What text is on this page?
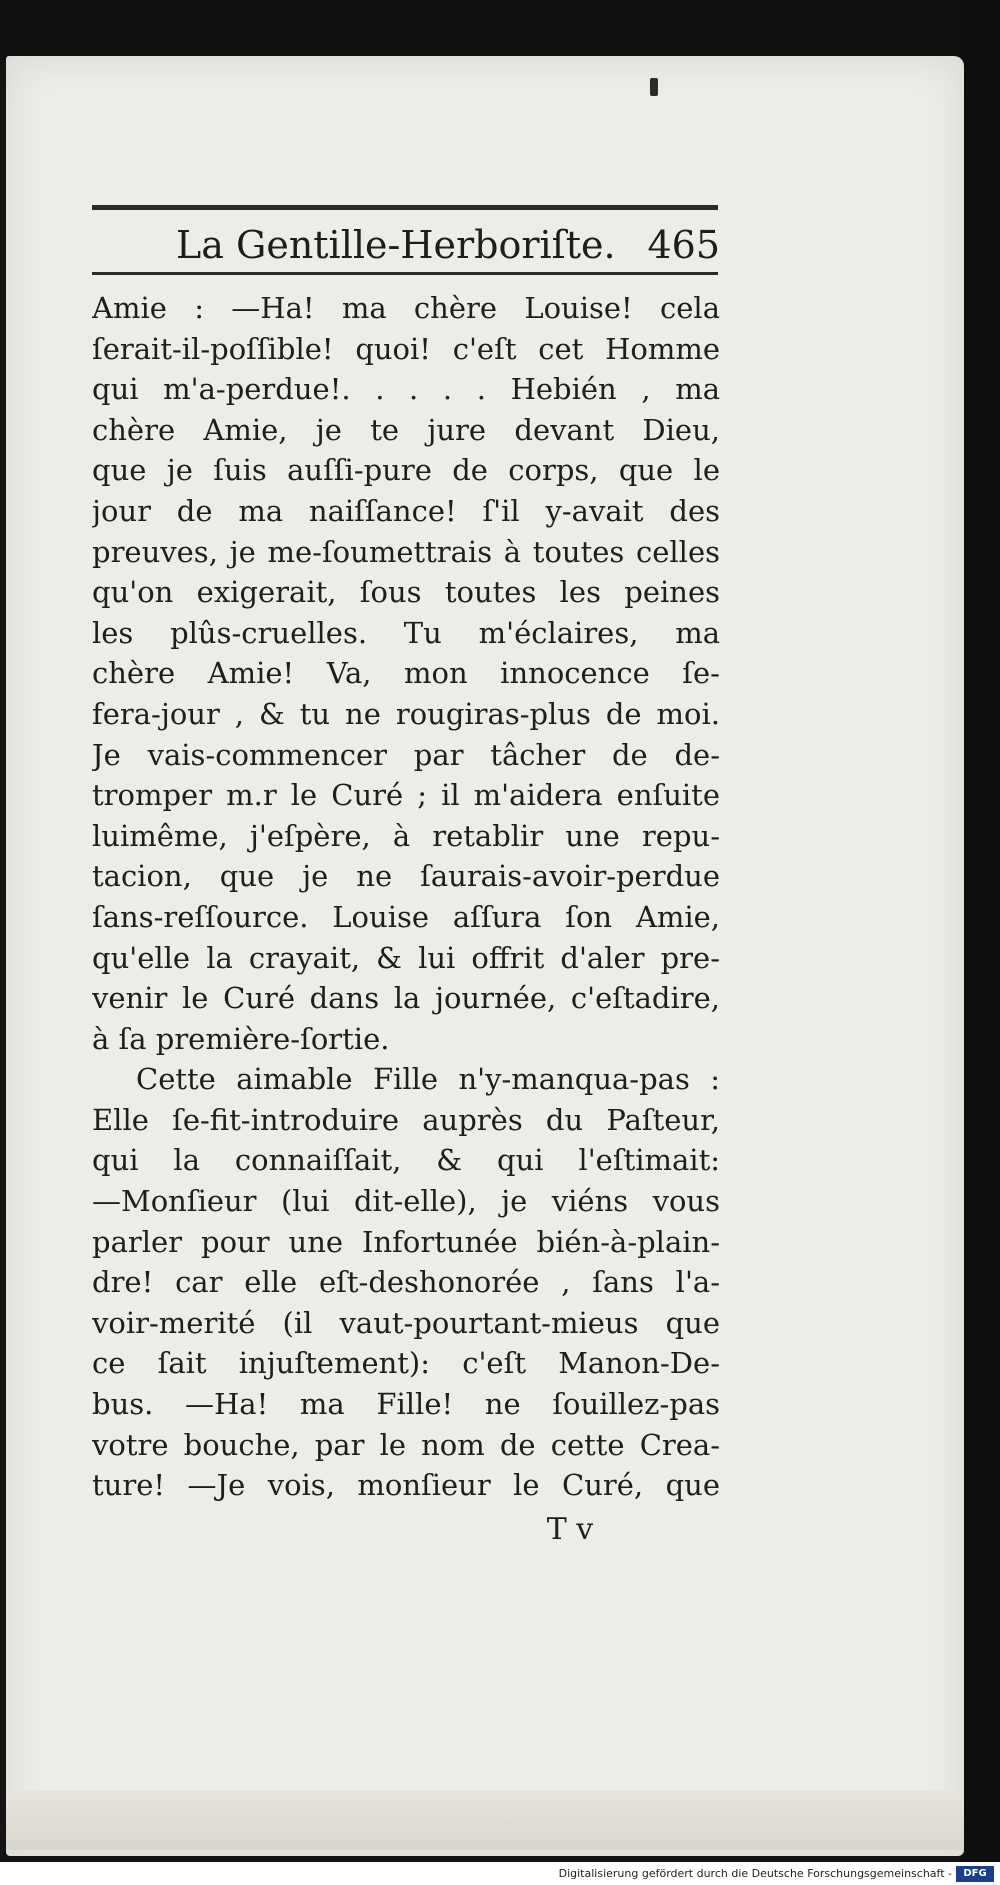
La Gentille-Herboriſte. 465
Amie : —Ha! ma chère Louise! cela
ſerait-il-poſſible! quoi! c'eſt cet Homme
qui m'a-perdue!. . . . . Hebién , ma
chère Amie, je te jure devant Dieu,
que je ſuis auſſi-pure de corps, que le
jour de ma naiſſance! ſ'il y-avait des
preuves, je me-ſoumettrais à toutes celles
qu'on exigerait, ſous toutes les peines
les plûs-cruelles. Tu m'éclaires, ma
chère Amie! Va, mon innocence ſe-
fera-jour , & tu ne rougiras-plus de moi.
Je vais-commencer par tâcher de de-
tromper m.r le Curé ; il m'aidera enſuite
luimême, j'eſpère, à retablir une repu-
tacion, que je ne ſaurais-avoir-perdue
ſans-reſſource. Louise aſſura ſon Amie,
qu'elle la crayait, & lui offrit d'aler pre-
venir le Curé dans la journée, c'eſtadire,
à ſa première-ſortie.
Cette aimable Fille n'y-manqua-pas :
Elle ſe-fit-introduire auprès du Paſteur,
qui la connaiſſait, & qui l'eſtimait:
—Monſieur (lui dit-elle), je viéns vous
parler pour une Infortunée bién-à-plain-
dre! car elle eſt-deshonorée , ſans l'a-
voir-merité (il vaut-pourtant-mieus que
ce ſait injuſtement): c'eſt Manon-De-
bus. —Ha! ma Fille! ne ſouillez-pas
votre bouche, par le nom de cette Crea-
ture! —Je vois, monſieur le Curé, que
T v
Digitalisierung gefördert durch die Deutsche Forschungsgemeinschaft -	DFG
